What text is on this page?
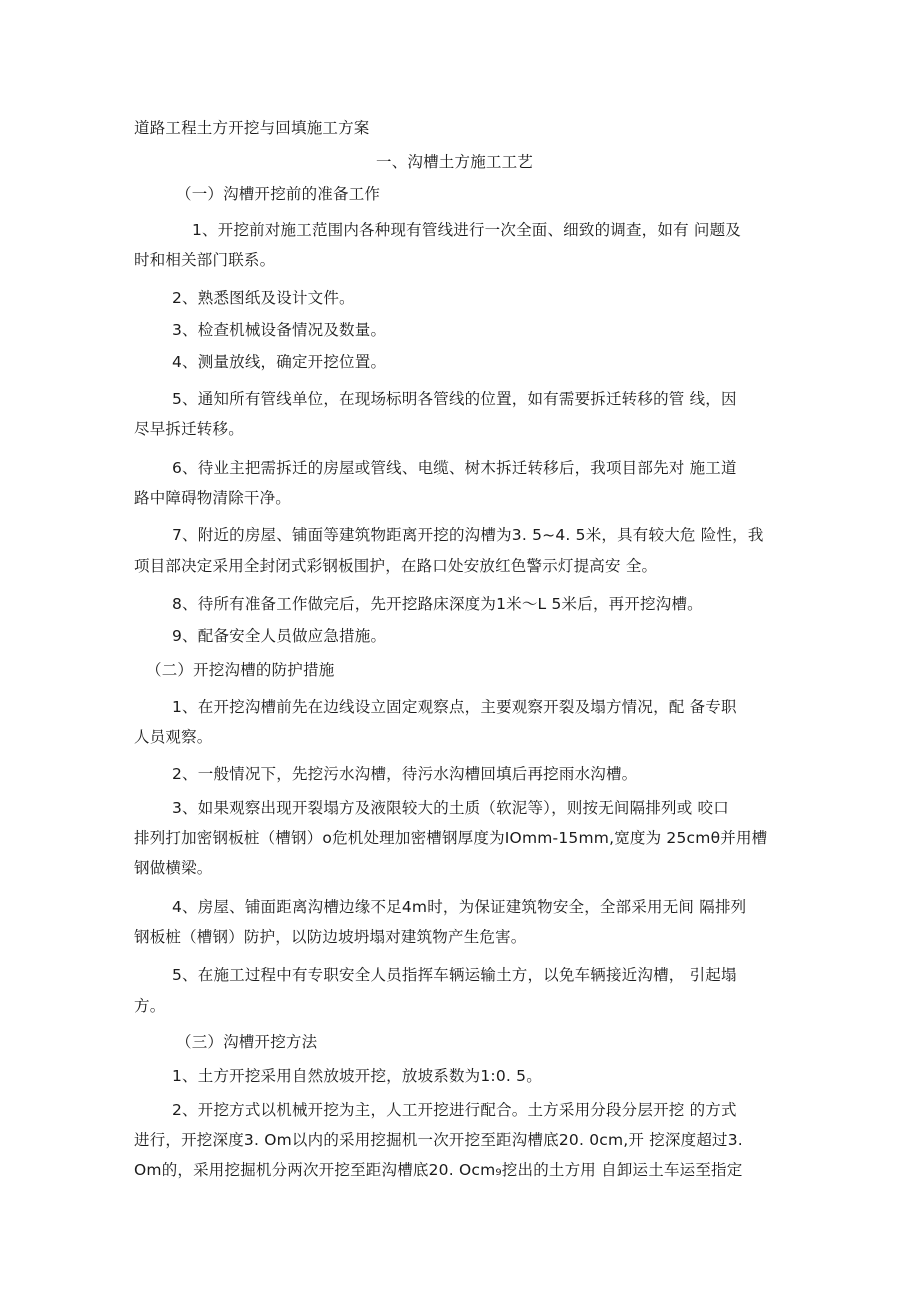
道路工程土方开挖与回填施工方案
一、沟槽土方施工工艺
（一）沟槽开挖前的准备工作
1、开挖前对施工范围内各种现有管线进行一次全面、细致的调查，如有 问题及
时和相关部门联系。
2、熟悉图纸及设计文件。
3、检查机械设备情况及数量。
4、测量放线，确定开挖位置。
5、通知所有管线单位，在现场标明各管线的位置，如有需要拆迁转移的管 线，因
尽早拆迁转移。
6、待业主把需拆迁的房屋或管线、电缆、树木拆迁转移后，我项目部先对 施工道
路中障碍物清除干净。
7、附近的房屋、铺面等建筑物距离开挖的沟槽为3. 5~4. 5米，具有较大危 险性，我
项目部决定采用全封闭式彩钢板围护，在路口处安放红色警示灯提高安 全。
8、待所有准备工作做完后，先开挖路床深度为1米〜L 5米后，再开挖沟槽。
9、配备安全人员做应急措施。
（二）开挖沟槽的防护措施
1、在开挖沟槽前先在边线设立固定观察点，主要观察开裂及塌方情况，配 备专职
人员观察。
2、一般情况下，先挖污水沟槽，待污水沟槽回填后再挖雨水沟槽。
3、如果观察出现开裂塌方及液限较大的土质（软泥等），则按无间隔排列或 咬口
排列打加密钢板桩（槽钢）o危机处理加密槽钢厚度为IOmm-15mm,宽度为 25cmθ并用槽
钢做横梁。
4、房屋、铺面距离沟槽边缘不足4m时，为保证建筑物安全，全部采用无间 隔排列
钢板桩（槽钢）防护，以防边坡坍塌对建筑物产生危害。
5、在施工过程中有专职安全人员指挥车辆运输土方，以免车辆接近沟槽， 引起塌
方。
（三）沟槽开挖方法
1、土方开挖采用自然放坡开挖，放坡系数为1:0. 5。
2、开挖方式以机械开挖为主，人工开挖进行配合。土方采用分段分层开挖 的方式
进行，开挖深度3. Om以内的采用挖掘机一次开挖至距沟槽底20. 0cm,开 挖深度超过3.
Om的，采用挖掘机分两次开挖至距沟槽底20. Ocm₉挖出的土方用 自卸运土车运至指定
